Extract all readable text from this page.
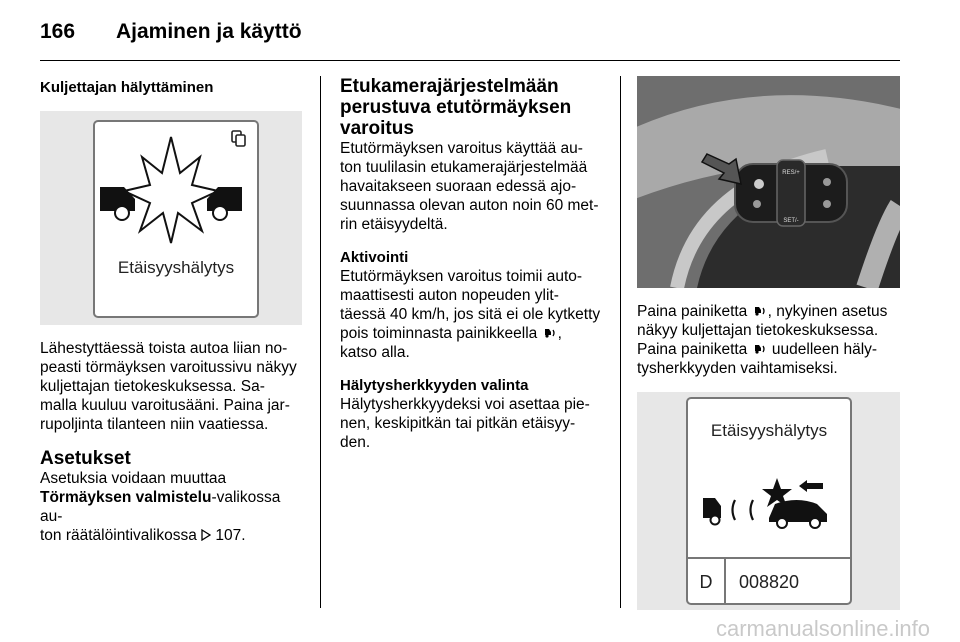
166 Ajaminen ja käyttö
Kuljettajan hälyttäminen
Etäisyyshälytys
Lähestyttäessä toista autoa liian no-
peasti törmäyksen varoitussivu näkyy
kuljettajan tietokeskuksessa. Sa-
malla kuuluu varoitusääni. Paina jar-
rupoljinta tilanteen niin vaatiessa.
Asetukset
Asetuksia voidaan muuttaa
Törmäyksen valmistelu-valikossa au-
ton räätälöintivalikossa  107.
Etukamerajärjestelmään
perustuva etutörmäyksen
varoitus
Etutörmäyksen varoitus käyttää au-
ton tuulilasin etukamerajärjestelmää
havaitakseen suoraan edessä ajo-
suunnassa olevan auton noin 60 met-
rin etäisyydeltä.
Aktivointi
Etutörmäyksen varoitus toimii auto-
maattisesti auton nopeuden ylit-
täessä 40 km/h, jos sitä ei ole kytketty
pois toiminnasta painikkeella ,
katso alla.
Hälytysherkkyyden valinta
Hälytysherkkyydeksi voi asettaa pie-
nen, keskipitkän tai pitkän etäisyy-
den.
RES/+
SET/-
Paina painiketta , nykyinen asetus
näkyy kuljettajan tietokeskuksessa.
Paina painiketta  uudelleen häly-
tysherkkyyden vaihtamiseksi.
Etäisyyshälytys
D 008820
carmanualsonline.info
